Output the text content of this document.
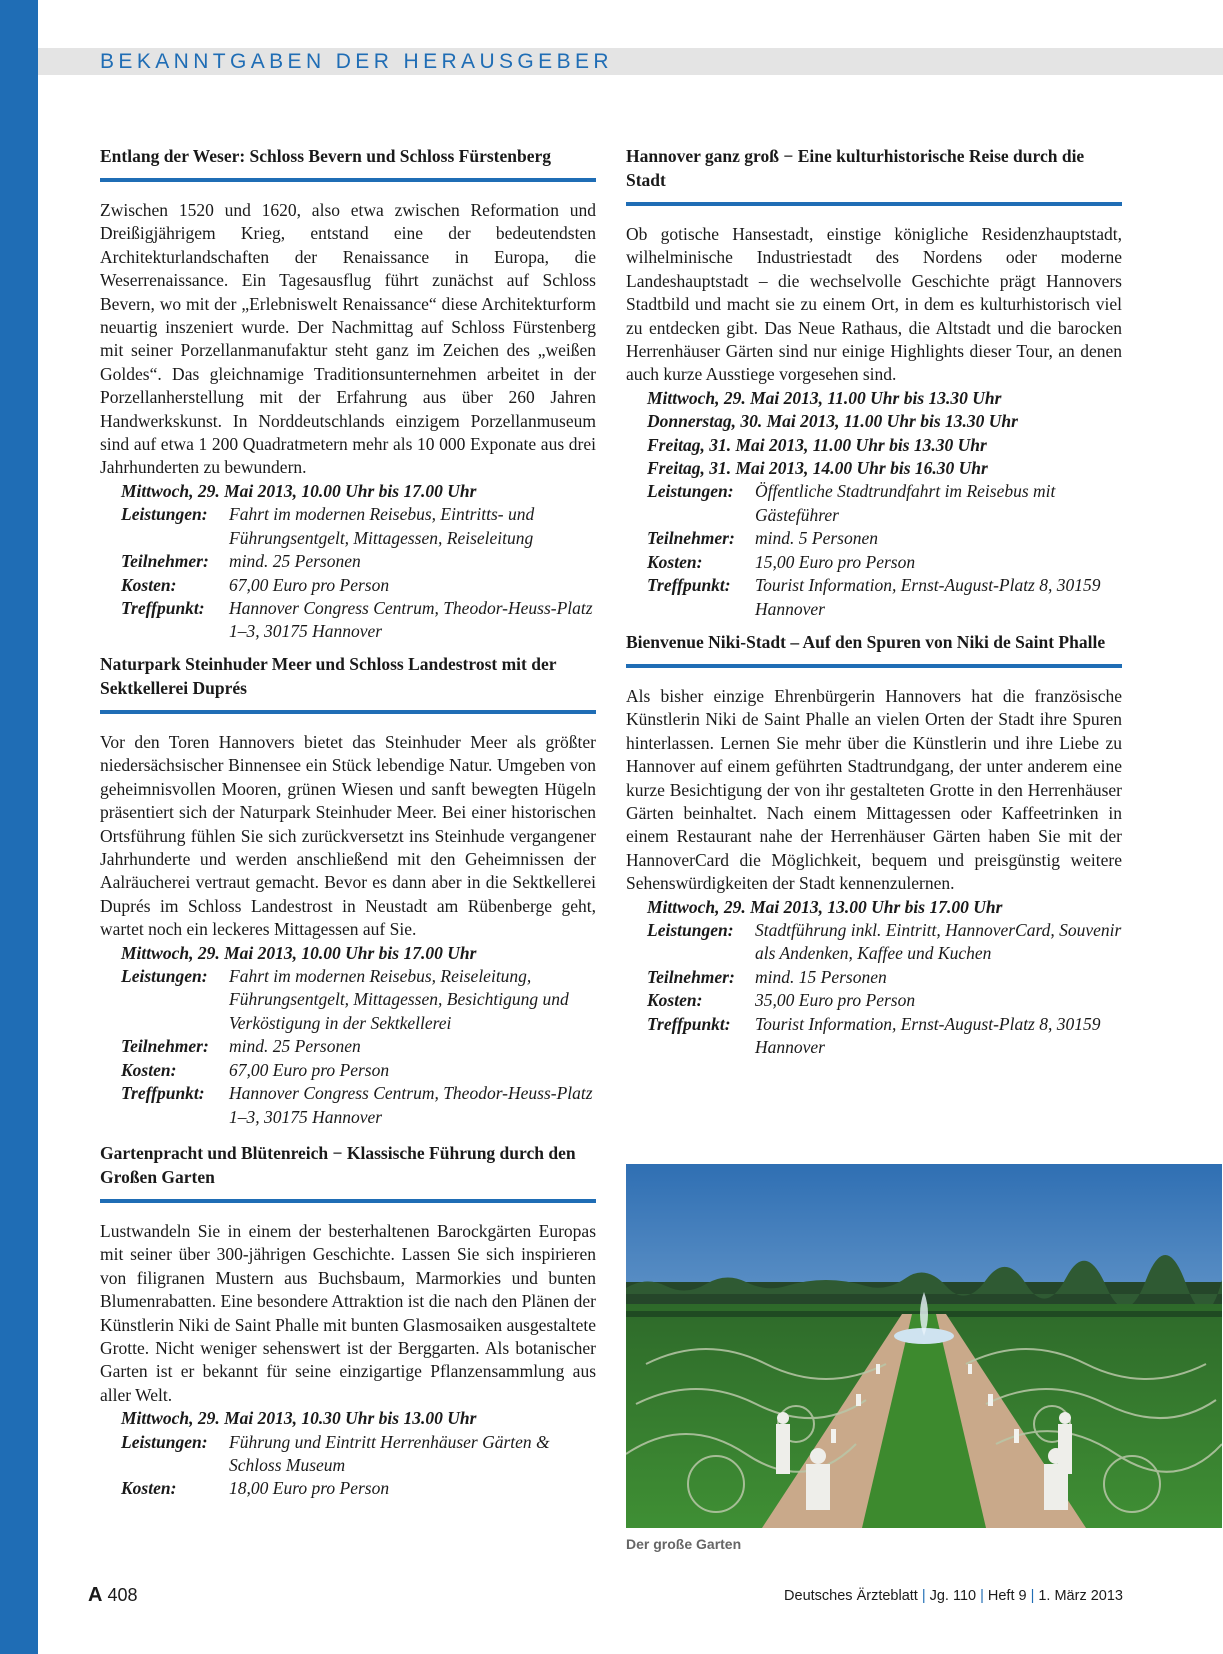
BEKANNTGABEN DER HERAUSGEBER
Entlang der Weser: Schloss Bevern und Schloss Fürstenberg
Zwischen 1520 und 1620, also etwa zwischen Reformation und Dreißigjährigem Krieg, entstand eine der bedeutendsten Architekturlandschaften der Renaissance in Europa, die Weserrenaissance. Ein Tagesausflug führt zunächst auf Schloss Bevern, wo mit der „Erlebniswelt Renaissance“ diese Architekturform neuartig inszeniert wurde. Der Nachmittag auf Schloss Fürstenberg mit seiner Porzellanmanufaktur steht ganz im Zeichen des „weißen Goldes“. Das gleichnamige Traditionsunternehmen arbeitet in der Porzellanherstellung mit der Erfahrung aus über 260 Jahren Handwerkskunst. In Norddeutschlands einzigem Porzellanmuseum sind auf etwa 1 200 Quadratmetern mehr als 10 000 Exponate aus drei Jahrhunderten zu bewundern.
Mittwoch, 29. Mai 2013, 10.00 Uhr bis 17.00 Uhr
Leistungen:	Fahrt im modernen Reisebus, Eintritts- und Führungsentgelt, Mittagessen, Reiseleitung
Teilnehmer:	mind. 25 Personen
Kosten:	67,00 Euro pro Person
Treffpunkt:	Hannover Congress Centrum, Theodor-Heuss-Platz 1–3, 30175 Hannover
Naturpark Steinhuder Meer und Schloss Landestrost mit der Sektkellerei Duprés
Vor den Toren Hannovers bietet das Steinhuder Meer als größter niedersächsischer Binnensee ein Stück lebendige Natur. Umgeben von geheimnisvollen Mooren, grünen Wiesen und sanft bewegten Hügeln präsentiert sich der Naturpark Steinhuder Meer. Bei einer historischen Ortsführung fühlen Sie sich zurückversetzt ins Steinhude vergangener Jahrhunderte und werden anschließend mit den Geheimnissen der Aalräucherei vertraut gemacht. Bevor es dann aber in die Sektkellerei Duprés im Schloss Landestrost in Neustadt am Rübenberge geht, wartet noch ein leckeres Mittagessen auf Sie.
Mittwoch, 29. Mai 2013, 10.00 Uhr bis 17.00 Uhr
Leistungen:	Fahrt im modernen Reisebus, Reiseleitung, Führungsentgelt, Mittagessen, Besichtigung und Verköstigung in der Sektkellerei
Teilnehmer:	mind. 25 Personen
Kosten:	67,00 Euro pro Person
Treffpunkt:	Hannover Congress Centrum, Theodor-Heuss-Platz 1–3, 30175 Hannover
Gartenpracht und Blütenreich − Klassische Führung durch den Großen Garten
Lustwandeln Sie in einem der besterhaltenen Barockgärten Europas mit seiner über 300-jährigen Geschichte. Lassen Sie sich inspirieren von filigranen Mustern aus Buchsbaum, Marmorkies und bunten Blumenrabatten. Eine besondere Attraktion ist die nach den Plänen der Künstlerin Niki de Saint Phalle mit bunten Glasmosaiken ausgestaltete Grotte. Nicht weniger sehenswert ist der Berggarten. Als botanischer Garten ist er bekannt für seine einzigartige Pflanzensammlung aus aller Welt.
Mittwoch, 29. Mai 2013, 10.30 Uhr bis 13.00 Uhr
Leistungen:	Führung und Eintritt Herrenhäuser Gärten & Schloss Museum
Kosten:	18,00 Euro pro Person
Hannover ganz groß − Eine kulturhistorische Reise durch die Stadt
Ob gotische Hansestadt, einstige königliche Residenzhauptstadt, wilhelminische Industriestadt des Nordens oder moderne Landeshauptstadt – die wechselvolle Geschichte prägt Hannovers Stadtbild und macht sie zu einem Ort, in dem es kulturhistorisch viel zu entdecken gibt. Das Neue Rathaus, die Altstadt und die barocken Herrenhäuser Gärten sind nur einige Highlights dieser Tour, an denen auch kurze Ausstiege vorgesehen sind.
Mittwoch, 29. Mai 2013, 11.00 Uhr bis 13.30 Uhr
Donnerstag, 30. Mai 2013, 11.00 Uhr bis 13.30 Uhr
Freitag, 31. Mai 2013, 11.00 Uhr bis 13.30 Uhr
Freitag, 31. Mai 2013, 14.00 Uhr bis 16.30 Uhr
Leistungen:	Öffentliche Stadtrundfahrt im Reisebus mit Gästeführer
Teilnehmer:	mind. 5 Personen
Kosten:	15,00 Euro pro Person
Treffpunkt:	Tourist Information, Ernst-August-Platz 8, 30159 Hannover
Bienvenue Niki-Stadt – Auf den Spuren von Niki de Saint Phalle
Als bisher einzige Ehrenbürgerin Hannovers hat die französische Künstlerin Niki de Saint Phalle an vielen Orten der Stadt ihre Spuren hinterlassen. Lernen Sie mehr über die Künstlerin und ihre Liebe zu Hannover auf einem geführten Stadtrundgang, der unter anderem eine kurze Besichtigung der von ihr gestalteten Grotte in den Herrenhäuser Gärten beinhaltet. Nach einem Mittagessen oder Kaffeetrinken in einem Restaurant nahe der Herrenhäuser Gärten haben Sie mit der HannoverCard die Möglichkeit, bequem und preisgünstig weitere Sehenswürdigkeiten der Stadt kennenzulernen.
Mittwoch, 29. Mai 2013, 13.00 Uhr bis 17.00 Uhr
Leistungen:	Stadtführung inkl. Eintritt, HannoverCard, Souvenir als Andenken, Kaffee und Kuchen
Teilnehmer:	mind. 15 Personen
Kosten:	35,00 Euro pro Person
Treffpunkt:	Tourist Information, Ernst-August-Platz 8, 30159 Hannover
Der große Garten
A 408	Deutsches Ärzteblatt | Jg. 110 | Heft 9 | 1. März 2013
